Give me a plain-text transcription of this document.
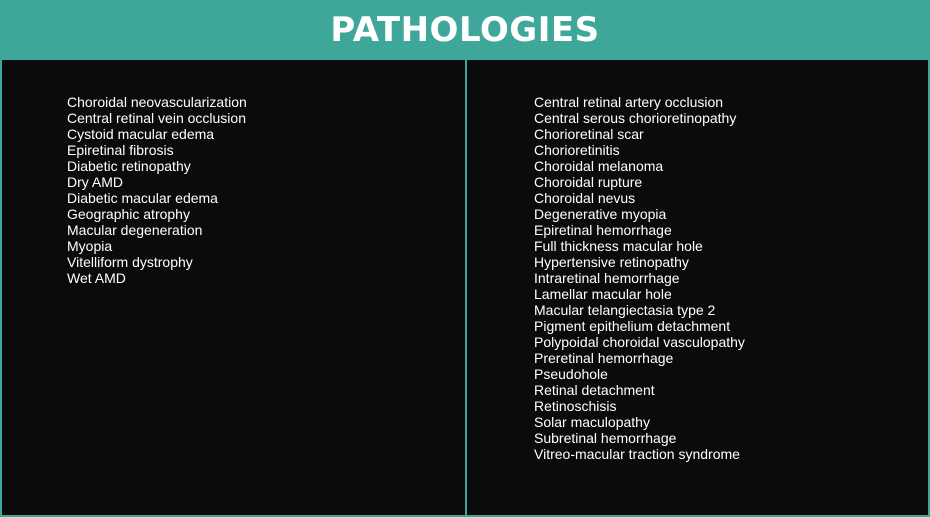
PATHOLOGIES
Choroidal neovascularization
Central retinal vein occlusion
Cystoid macular edema
Epiretinal fibrosis
Diabetic retinopathy
Dry AMD
Diabetic macular edema
Geographic atrophy
Macular degeneration
Myopia
Vitelliform dystrophy
Wet AMD
Central retinal artery occlusion
Central serous chorioretinopathy
Chorioretinal scar
Chorioretinitis
Choroidal melanoma
Choroidal rupture
Choroidal nevus
Degenerative myopia
Epiretinal hemorrhage
Full thickness macular hole
Hypertensive retinopathy
Intraretinal hemorrhage
Lamellar macular hole
Macular telangiectasia type 2
Pigment epithelium detachment
Polypoidal choroidal vasculopathy
Preretinal hemorrhage
Pseudohole
Retinal detachment
Retinoschisis
Solar maculopathy
Subretinal hemorrhage
Vitreo-macular traction syndrome
